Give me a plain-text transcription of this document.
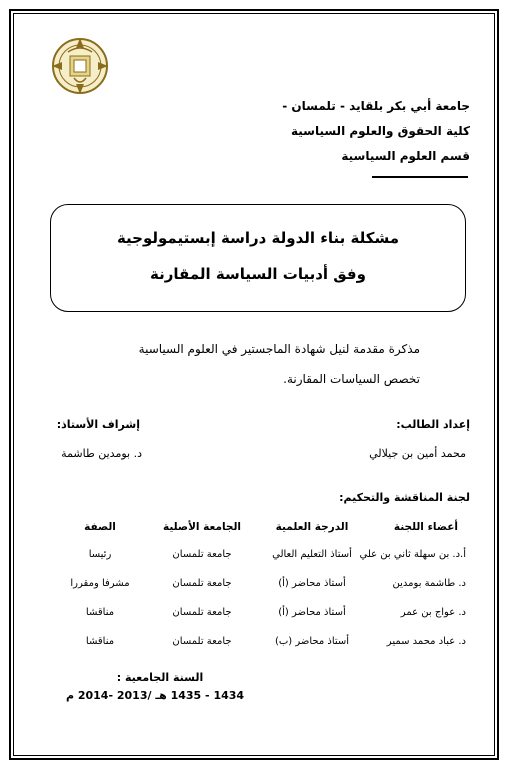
جامعة أبي بكر بلقايد - تلمسان -
كلية الحقوق والعلوم السياسية
قسم العلوم السياسية
مشكلة بناء الدولة دراسة إبستيمولوجية
وفق أدبيات السياسة المقارنة
مذكرة مقدمة لنيل شهادة الماجستير في العلوم السياسية
تخصص السياسات المقارنة.
إعداد الطالب:
إشراف الأستاذ:
محمد أمين بن جيلالي
د. بومدين طاشمة
لجنة المناقشة والتحكيم:
أعضاء اللجنة
الدرجة العلمية
الجامعة الأصلية
الصفة
أ.د. بن سهلة ثاني بن علي
أستاذ التعليم العالي
جامعة تلمسان
رئيسا
د. طاشمة بومدين
أستاذ محاضر (أ)
جامعة تلمسان
مشرفا ومقررا
د. عواج بن عمر
أستاذ محاضر (أ)
جامعة تلمسان
مناقشا
د. عباد محمد سمير
أستاذ محاضر (ب)
جامعة تلمسان
مناقشا
السنة الجامعية :
1434 - 1435 هـ /2013 -2014 م
